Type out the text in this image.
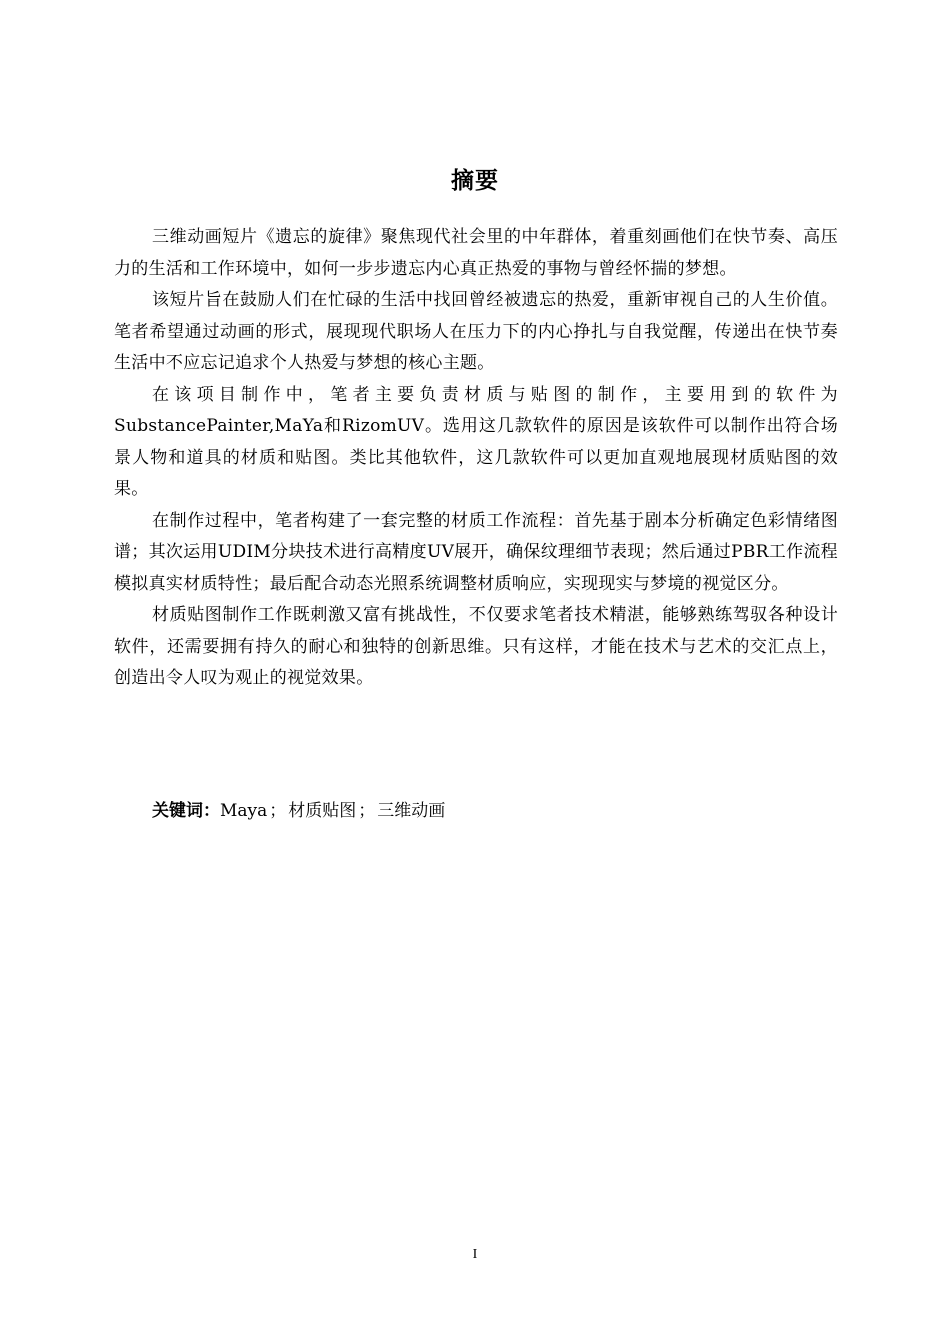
摘要

三维动画短片《遗忘的旋律》聚焦现代社会里的中年群体，着重刻画他们在快节奏、高压力的生活和工作环境中，如何一步步遗忘内心真正热爱的事物与曾经怀揣的梦想。

该短片旨在鼓励人们在忙碌的生活中找回曾经被遗忘的热爱，重新审视自己的人生价值。笔者希望通过动画的形式，展现现代职场人在压力下的内心挣扎与自我觉醒，传递出在快节奏生活中不应忘记追求个人热爱与梦想的核心主题。

在该项目制作中，笔者主要负责材质与贴图的制作，主要用到的软件为SubstancePainter,MaYa和RizomUV。选用这几款软件的原因是该软件可以制作出符合场景人物和道具的材质和贴图。类比其他软件，这几款软件可以更加直观地展现材质贴图的效果。

在制作过程中，笔者构建了一套完整的材质工作流程：首先基于剧本分析确定色彩情绪图谱；其次运用UDIM分块技术进行高精度UV展开，确保纹理细节表现；然后通过PBR工作流程模拟真实材质特性；最后配合动态光照系统调整材质响应，实现现实与梦境的视觉区分。

材质贴图制作工作既刺激又富有挑战性，不仅要求笔者技术精湛，能够熟练驾驭各种设计软件，还需要拥有持久的耐心和独特的创新思维。只有这样，才能在技术与艺术的交汇点上，创造出令人叹为观止的视觉效果。

关键词：Maya ； 材质贴图 ； 三维动画
I
